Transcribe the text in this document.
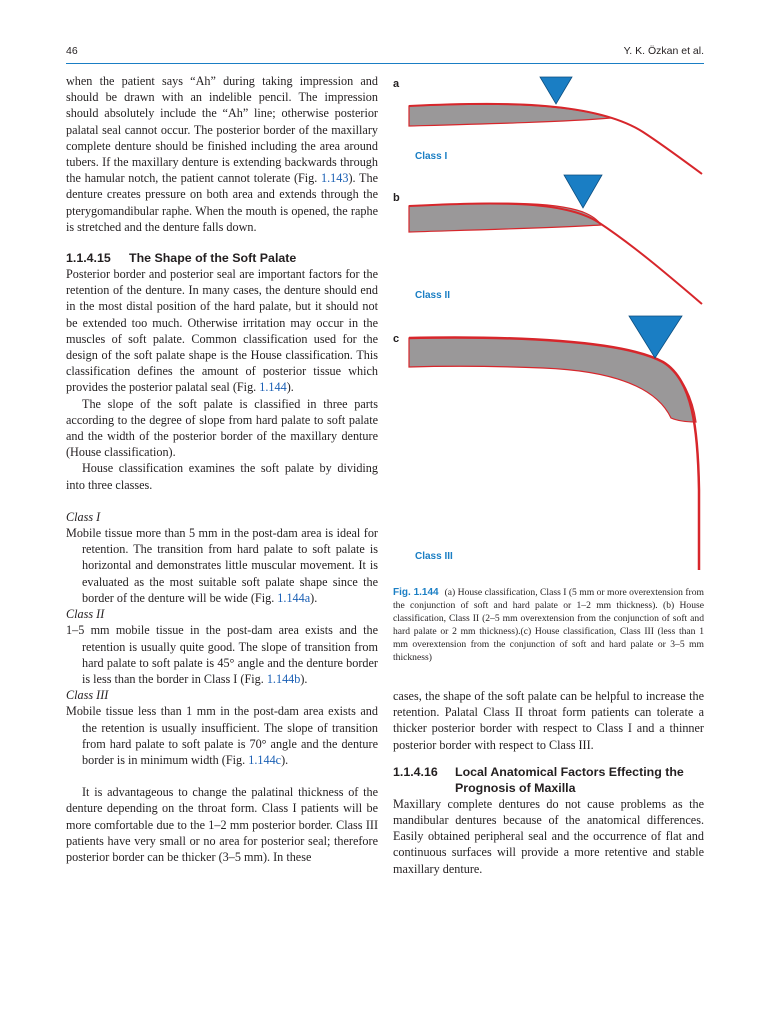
46	Y. K. Özkan et al.

when the patient says “Ah” during taking impression and should be drawn with an indelible pencil. The impression should absolutely include the “Ah” line; otherwise posterior palatal seal cannot occur. The posterior border of the maxillary complete denture should be finished including the area around tubers. If the maxillary denture is extending backwards through the hamular notch, the patient cannot tolerate (Fig. 1.143). The denture creates pressure on both area and extends through the pterygomandibular raphe. When the mouth is opened, the raphe is stretched and the denture falls down.

1.1.4.15 The Shape of the Soft Palate

Posterior border and posterior seal are important factors for the retention of the denture. In many cases, the denture should end in the most distal position of the hard palate, but it should not be extended too much. Otherwise irritation may occur in the muscles of soft palate. Common classification used for the design of the soft palate shape is the House classification. This classification defines the amount of posterior tissue which provides the posterior palatal seal (Fig. 1.144).

The slope of the soft palate is classified in three parts according to the degree of slope from hard palate to soft palate and the width of the posterior border of the maxillary denture (House classification).

House classification examines the soft palate by dividing into three classes.

Class I

Mobile tissue more than 5 mm in the post-dam area is ideal for retention. The transition from hard palate to soft palate is horizontal and demonstrates little muscular movement. It is evaluated as the most suitable soft palate shape since the border of the denture will be wide (Fig. 1.144a).

Class II

1–5 mm mobile tissue in the post-dam area exists and the retention is usually quite good. The slope of transition from hard palate to soft palate is 45° angle and the denture border is less than the border in Class I (Fig. 1.144b).

Class III

Mobile tissue less than 1 mm in the post-dam area exists and the retention is usually insufficient. The slope of transition from hard palate to soft palate is 70° angle and the denture border is in minimum width (Fig. 1.144c).

It is advantageous to change the palatinal thickness of the denture depending on the throat form. Class I patients will be more comfortable due to the 1–2 mm posterior border. Class III patients have very small or no area for posterior seal; therefore posterior border can be thicker (3–5 mm). In these

a
b
c
Class I
Class II
Class III

Fig. 1.144 (a) House classification, Class I (5 mm or more overextension from the conjunction of soft and hard palate or 1–2 mm thickness). (b) House classification, Class II (2–5 mm overextension from the conjunction of soft and hard palate or 2 mm thickness).(c) House classification, Class III (less than 1 mm overextension from the conjunction of soft and hard palate or 3–5 mm thickness)

cases, the shape of the soft palate can be helpful to increase the retention. Palatal Class II throat form patients can tolerate a thicker posterior border with respect to Class I and a thinner posterior border with respect to Class III.

1.1.4.16	Local Anatomical Factors Effecting the Prognosis of Maxilla

Maxillary complete dentures do not cause problems as the mandibular dentures because of the anatomical differences. Easily obtained peripheral seal and the occurrence of flat and continuous surfaces will provide a more retentive and stable maxillary denture.
